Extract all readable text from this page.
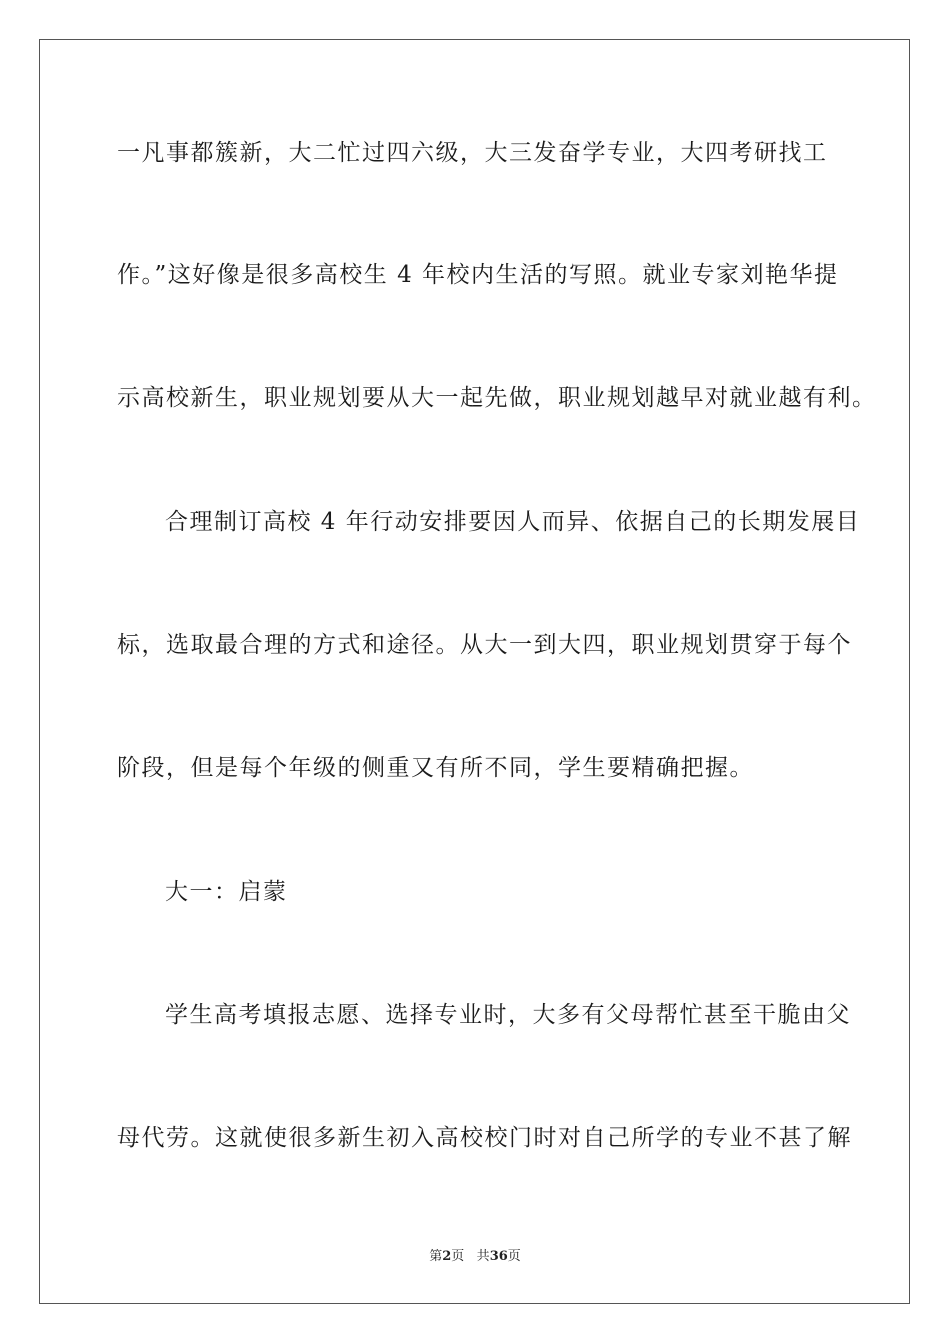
一凡事都簇新，大二忙过四六级，大三发奋学专业，大四考研找工
作。”这好像是很多高校生 4 年校内生活的写照。就业专家刘艳华提
示高校新生，职业规划要从大一起先做，职业规划越早对就业越有利。
合理制订高校 4 年行动安排要因人而异、依据自己的长期发展目
标，选取最合理的方式和途径。从大一到大四，职业规划贯穿于每个
阶段，但是每个年级的侧重又有所不同，学生要精确把握。
大一：启蒙
学生高考填报志愿、选择专业时，大多有父母帮忙甚至干脆由父
母代劳。这就使很多新生初入高校校门时对自己所学的专业不甚了解
第2页 共36页
